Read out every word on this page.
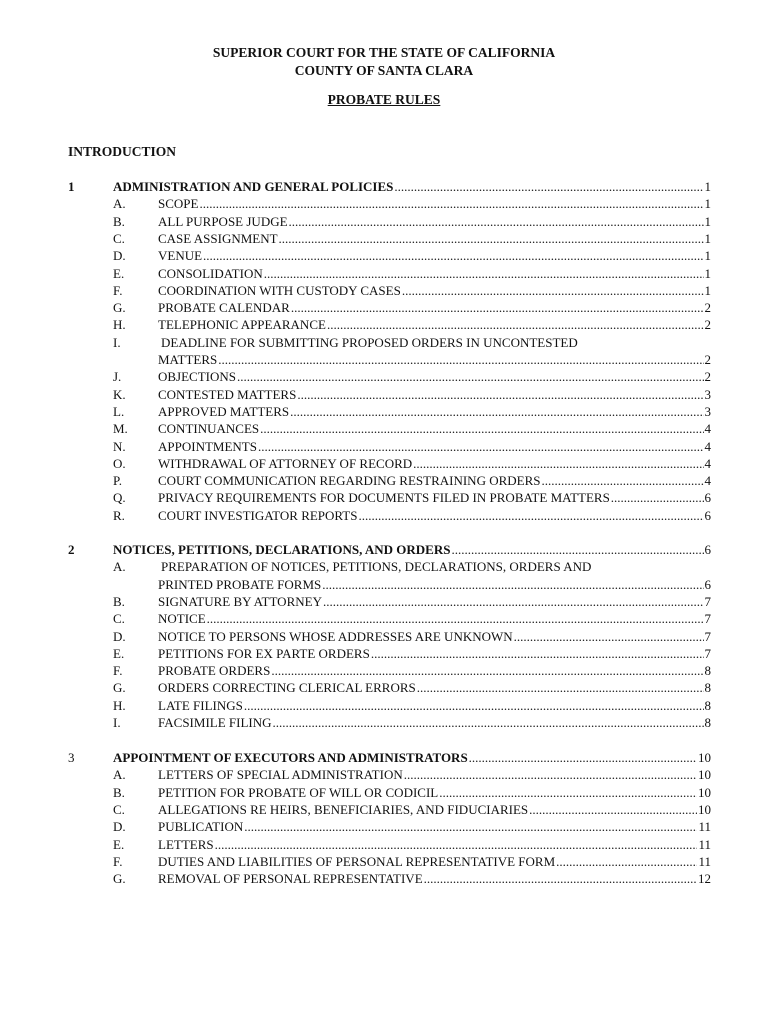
SUPERIOR COURT FOR THE STATE OF CALIFORNIA
COUNTY OF SANTA CLARA
PROBATE RULES
INTRODUCTION
1	ADMINISTRATION AND GENERAL POLICIES .....	1
A. SCOPE .....	1
B.	ALL PURPOSE JUDGE .....	1
C.	CASE ASSIGNMENT .....	1
D. VENUE .....	1
E.	CONSOLIDATION .....	1
F.	COORDINATION WITH CUSTODY CASES .....	1
G. PROBATE CALENDAR .....	2
H. TELEPHONIC APPEARANCE .....	2
I.	DEADLINE FOR SUBMITTING PROPOSED ORDERS IN UNCONTESTED
MATTERS .....	2
J.	OBJECTIONS .....	2
K. CONTESTED MATTERS .....	3
L.	APPROVED MATTERS .....	3
M. CONTINUANCES .....	4
N. APPOINTMENTS .....	4
O. WITHDRAWAL OF ATTORNEY OF RECORD .....	4
P.	COURT COMMUNICATION REGARDING RESTRAINING ORDERS .....	4
Q. PRIVACY REQUIREMENTS FOR DOCUMENTS FILED IN PROBATE MATTERS .....	6
R.	COURT INVESTIGATOR REPORTS .....	6
2	NOTICES, PETITIONS, DECLARATIONS, AND ORDERS .....	6
A.	PREPARATION OF NOTICES, PETITIONS, DECLARATIONS, ORDERS AND
PRINTED PROBATE FORMS .....	6
B.	SIGNATURE BY ATTORNEY .....	7
C.	NOTICE .....	7
D. NOTICE TO PERSONS WHOSE ADDRESSES ARE UNKNOWN .....	7
E.	PETITIONS FOR EX PARTE ORDERS .....	7
F.	PROBATE ORDERS .....	8
G. ORDERS CORRECTING CLERICAL ERRORS .....	8
H. LATE FILINGS .....	8
I.	FACSIMILE FILING .....	8
3	APPOINTMENT OF EXECUTORS AND ADMINISTRATORS .....	10
A. LETTERS OF SPECIAL ADMINISTRATION .....	10
B.	PETITION FOR PROBATE OF WILL OR CODICIL .....	10
C.	ALLEGATIONS RE HEIRS, BENEFICIARIES, AND FIDUCIARIES .....	10
D. PUBLICATION .....	11
E.	LETTERS .....	11
F.	DUTIES AND LIABILITIES OF PERSONAL REPRESENTATIVE FORM .....	11
G. REMOVAL OF PERSONAL REPRESENTATIVE .....	12
